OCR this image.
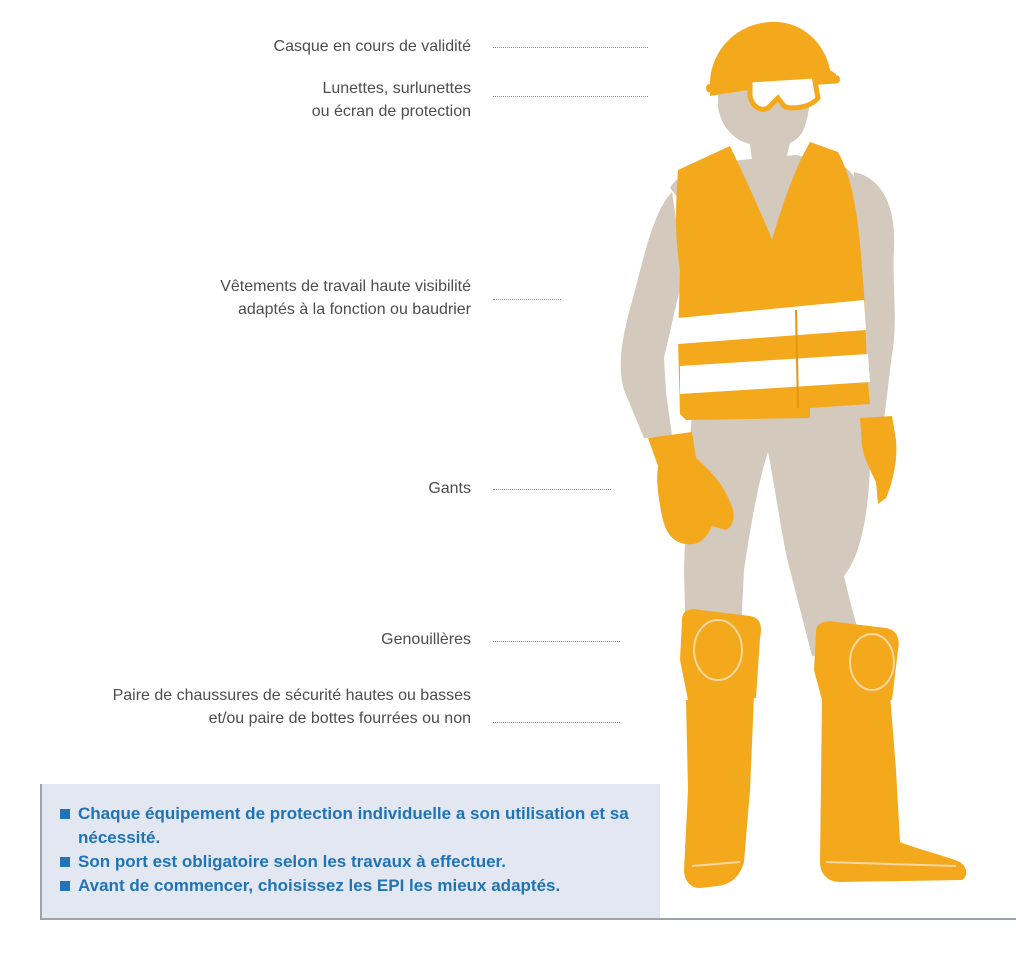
Casque en cours de validité
Lunettes, surlunettes
ou écran de protection
Vêtements de travail haute visibilité
adaptés à la fonction ou baudrier
Gants
Genouillères
Paire de chaussures de sécurité hautes ou basses
et/ou paire de bottes fourrées ou non
Chaque équipement de protection individuelle a son utilisation et sa nécessité.
Son port est obligatoire selon les travaux à effectuer.
Avant de commencer, choisissez les EPI les mieux adaptés.
